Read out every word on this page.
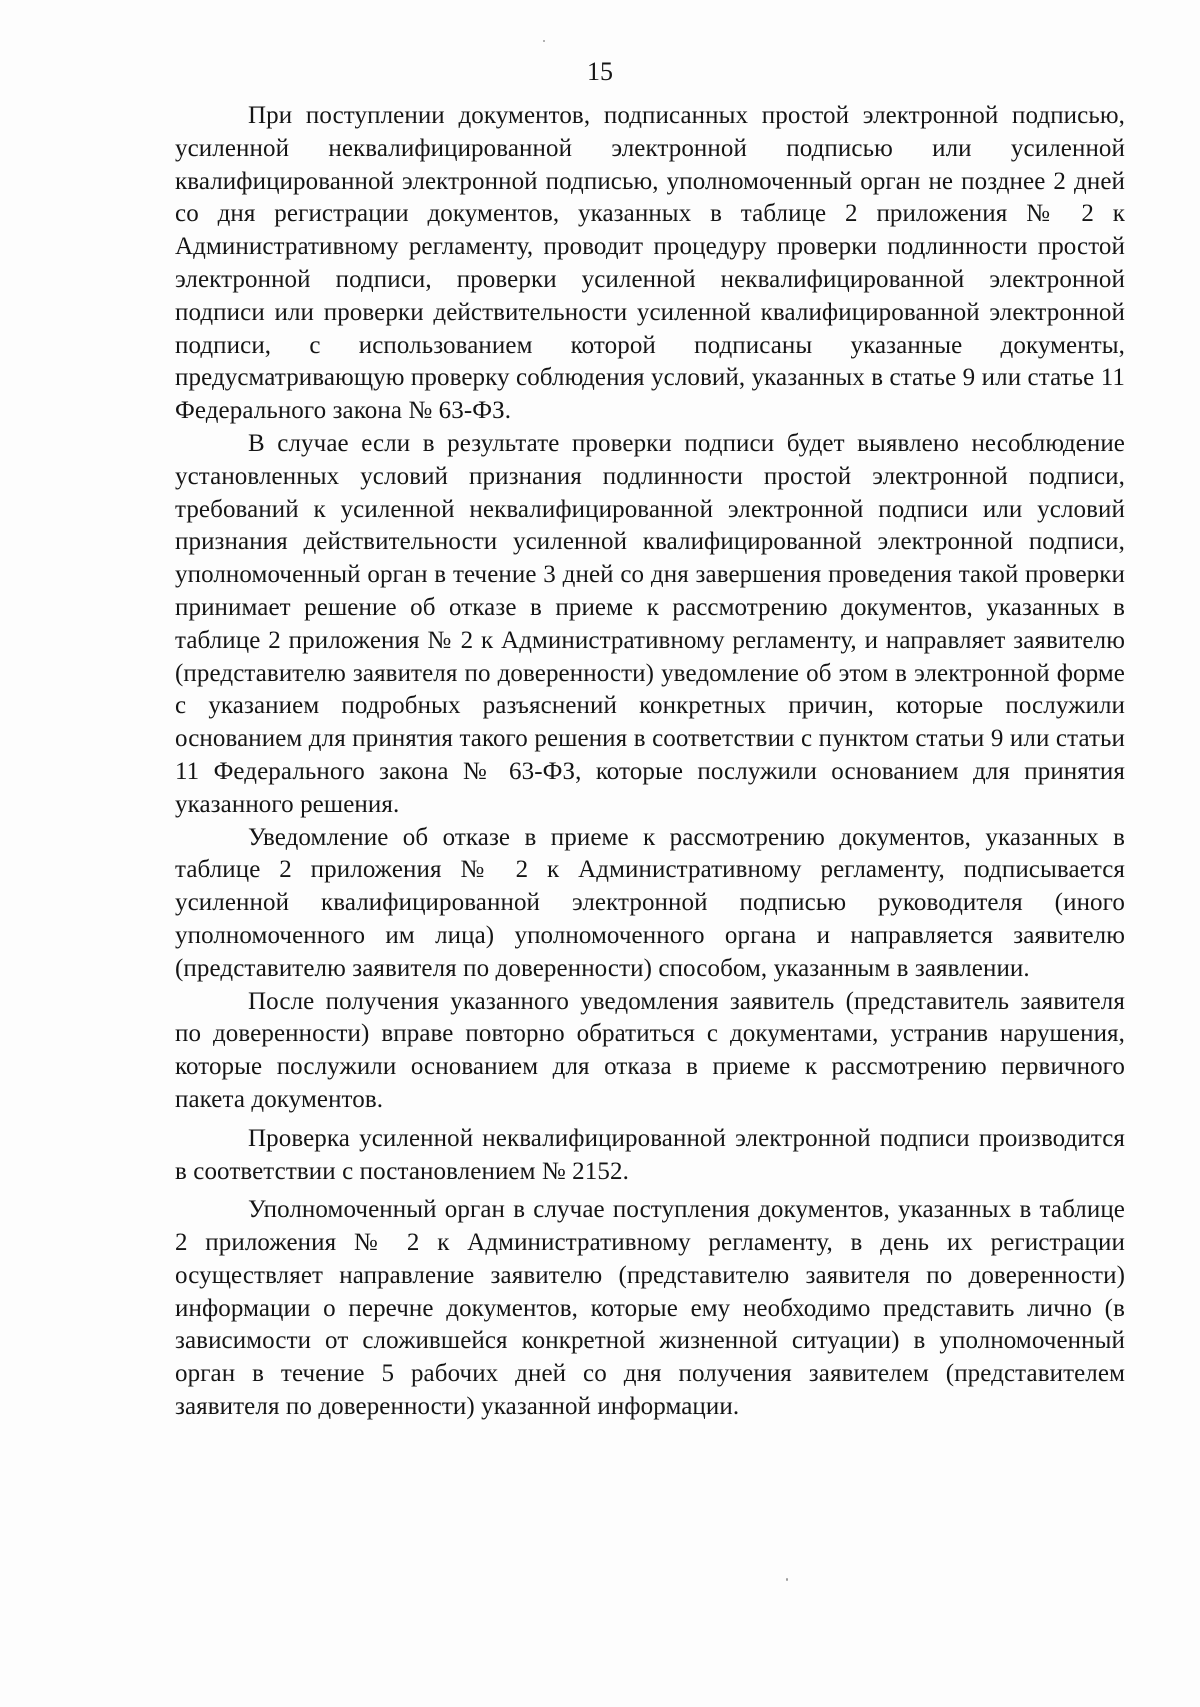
15

При поступлении документов, подписанных простой электронной подписью, усиленной неквалифицированной электронной подписью или усиленной квалифицированной электронной подписью, уполномоченный орган не позднее 2 дней со дня регистрации документов, указанных в таблице 2 приложения № 2 к Административному регламенту, проводит процедуру проверки подлинности простой электронной подписи, проверки усиленной неквалифицированной электронной подписи или проверки действительности усиленной квалифицированной электронной подписи, с использованием которой подписаны указанные документы, предусматривающую проверку соблюдения условий, указанных в статье 9 или статье 11 Федерального закона № 63-ФЗ.

В случае если в результате проверки подписи будет выявлено несоблюдение установленных условий признания подлинности простой электронной подписи, требований к усиленной неквалифицированной электронной подписи или условий признания действительности усиленной квалифицированной электронной подписи, уполномоченный орган в течение 3 дней со дня завершения проведения такой проверки принимает решение об отказе в приеме к рассмотрению документов, указанных в таблице 2 приложения № 2 к Административному регламенту, и направляет заявителю (представителю заявителя по доверенности) уведомление об этом в электронной форме с указанием подробных разъяснений конкретных причин, которые послужили основанием для принятия такого решения в соответствии с пунктом статьи 9 или статьи 11 Федерального закона № 63-ФЗ, которые послужили основанием для принятия указанного решения.

Уведомление об отказе в приеме к рассмотрению документов, указанных в таблице 2 приложения № 2 к Административному регламенту, подписывается усиленной квалифицированной электронной подписью руководителя (иного уполномоченного им лица) уполномоченного органа и направляется заявителю (представителю заявителя по доверенности) способом, указанным в заявлении.

После получения указанного уведомления заявитель (представитель заявителя по доверенности) вправе повторно обратиться с документами, устранив нарушения, которые послужили основанием для отказа в приеме к рассмотрению первичного пакета документов.

Проверка усиленной неквалифицированной электронной подписи производится в соответствии с постановлением № 2152.

Уполномоченный орган в случае поступления документов, указанных в таблице 2 приложения № 2 к Административному регламенту, в день их регистрации осуществляет направление заявителю (представителю заявителя по доверенности) информации о перечне документов, которые ему необходимо представить лично (в зависимости от сложившейся конкретной жизненной ситуации) в уполномоченный орган в течение 5 рабочих дней со дня получения заявителем (представителем заявителя по доверенности) указанной информации.
